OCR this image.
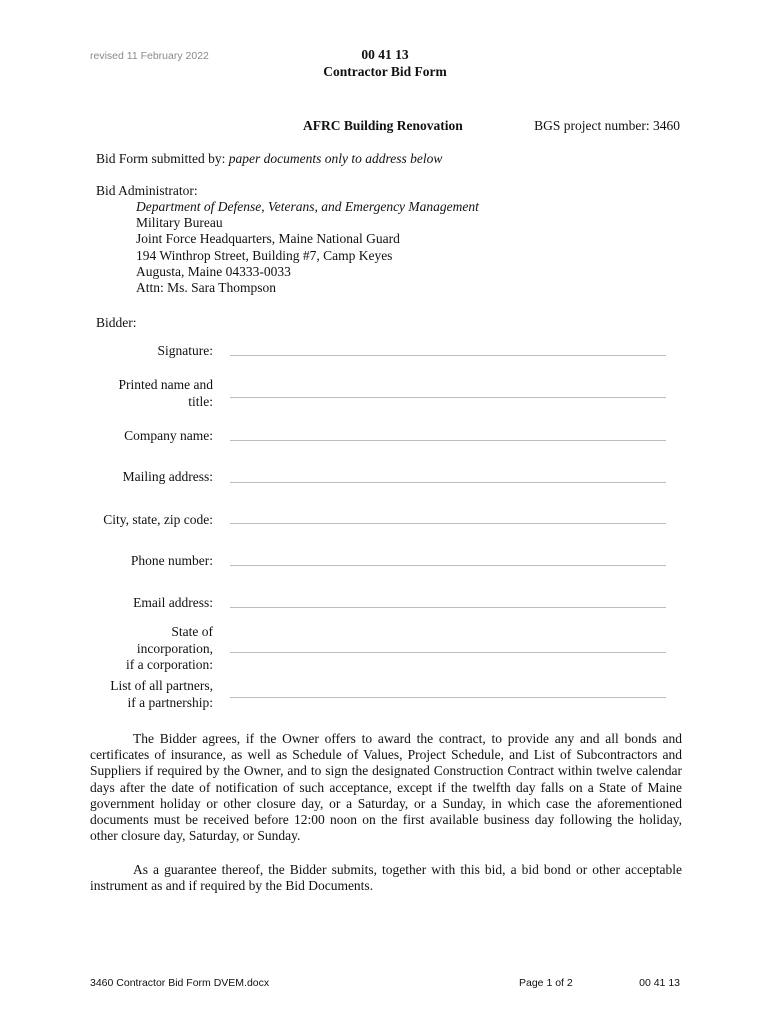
revised 11 February 2022	00 41 13
Contractor Bid Form
AFRC Building Renovation	BGS project number: 3460
Bid Form submitted by: paper documents only to address below
Bid Administrator:
Department of Defense, Veterans, and Emergency Management
Military Bureau
Joint Force Headquarters, Maine National Guard
194 Winthrop Street, Building #7, Camp Keyes
Augusta, Maine 04333-0033
Attn: Ms. Sara Thompson
Bidder:
Signature:
Printed name and
title:
Company name:
Mailing address:
City, state, zip code:
Phone number:
Email address:
State of
incorporation,
if a corporation:
List of all partners,
if a partnership:
The Bidder agrees, if the Owner offers to award the contract, to provide any and all bonds and certificates of insurance, as well as Schedule of Values, Project Schedule, and List of Subcontractors and Suppliers if required by the Owner, and to sign the designated Construction Contract within twelve calendar days after the date of notification of such acceptance, except if the twelfth day falls on a State of Maine government holiday or other closure day, or a Saturday, or a Sunday, in which case the aforementioned documents must be received before 12:00 noon on the first available business day following the holiday, other closure day, Saturday, or Sunday.
As a guarantee thereof, the Bidder submits, together with this bid, a bid bond or other acceptable instrument as and if required by the Bid Documents.
3460 Contractor Bid Form DVEM.docx	Page 1 of 2	00 41 13
